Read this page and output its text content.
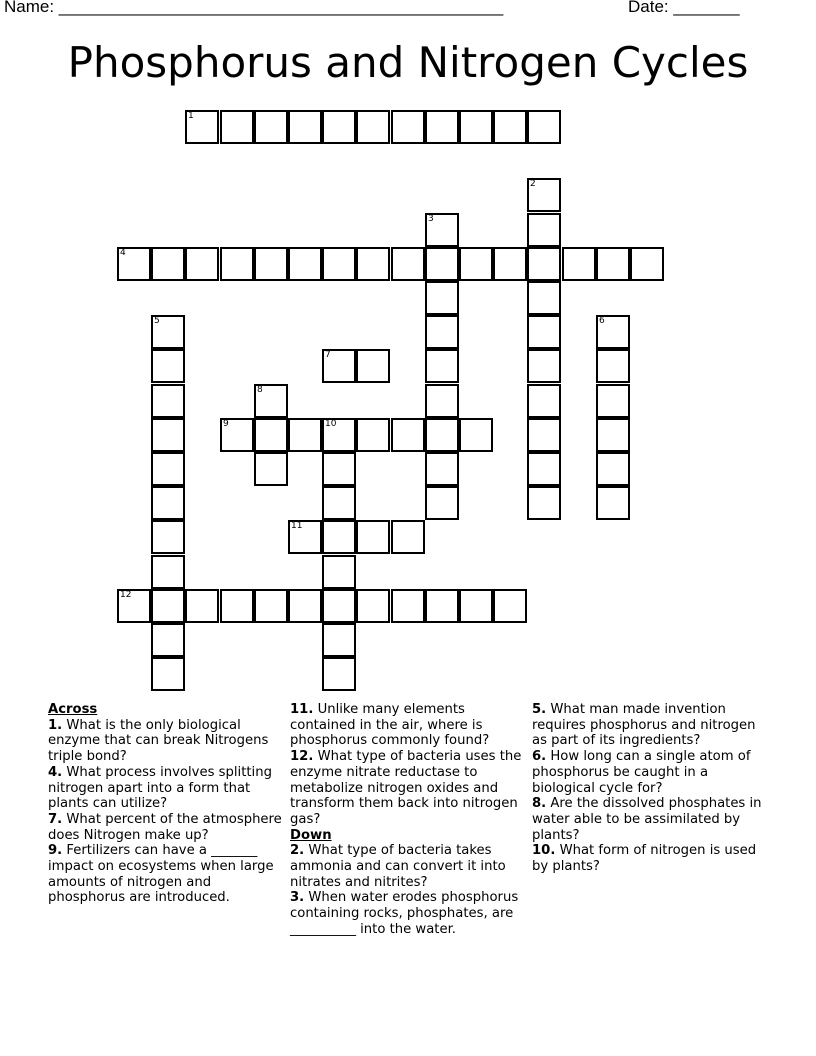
Name: _______________________________________________	Date: _______
Phosphorus and Nitrogen Cycles
1
2
3
4
5	6
7
8
9	10
11
12
Across

1. What is the only biological enzyme that can break Nitrogens triple bond?

4. What process involves splitting nitrogen apart into a form that plants can utilize?

7. What percent of the atmosphere does Nitrogen make up?

9. Fertilizers can have a _______ impact on ecosystems when large amounts of nitrogen and phosphorus are introduced.

11. Unlike many elements contained in the air, where is phosphorus commonly found?

12. What type of bacteria uses the enzyme nitrate reductase to metabolize nitrogen oxides and transform them back into nitrogen gas?

Down

2. What type of bacteria takes ammonia and can convert it into nitrates and nitrites?

3. When water erodes phosphorus containing rocks, phosphates, are __________ into the water.

5. What man made invention requires phosphorus and nitrogen as part of its ingredients?

6. How long can a single atom of phosphorus be caught in a biological cycle for?

8. Are the dissolved phosphates in water able to be assimilated by plants?

10. What form of nitrogen is used by plants?
